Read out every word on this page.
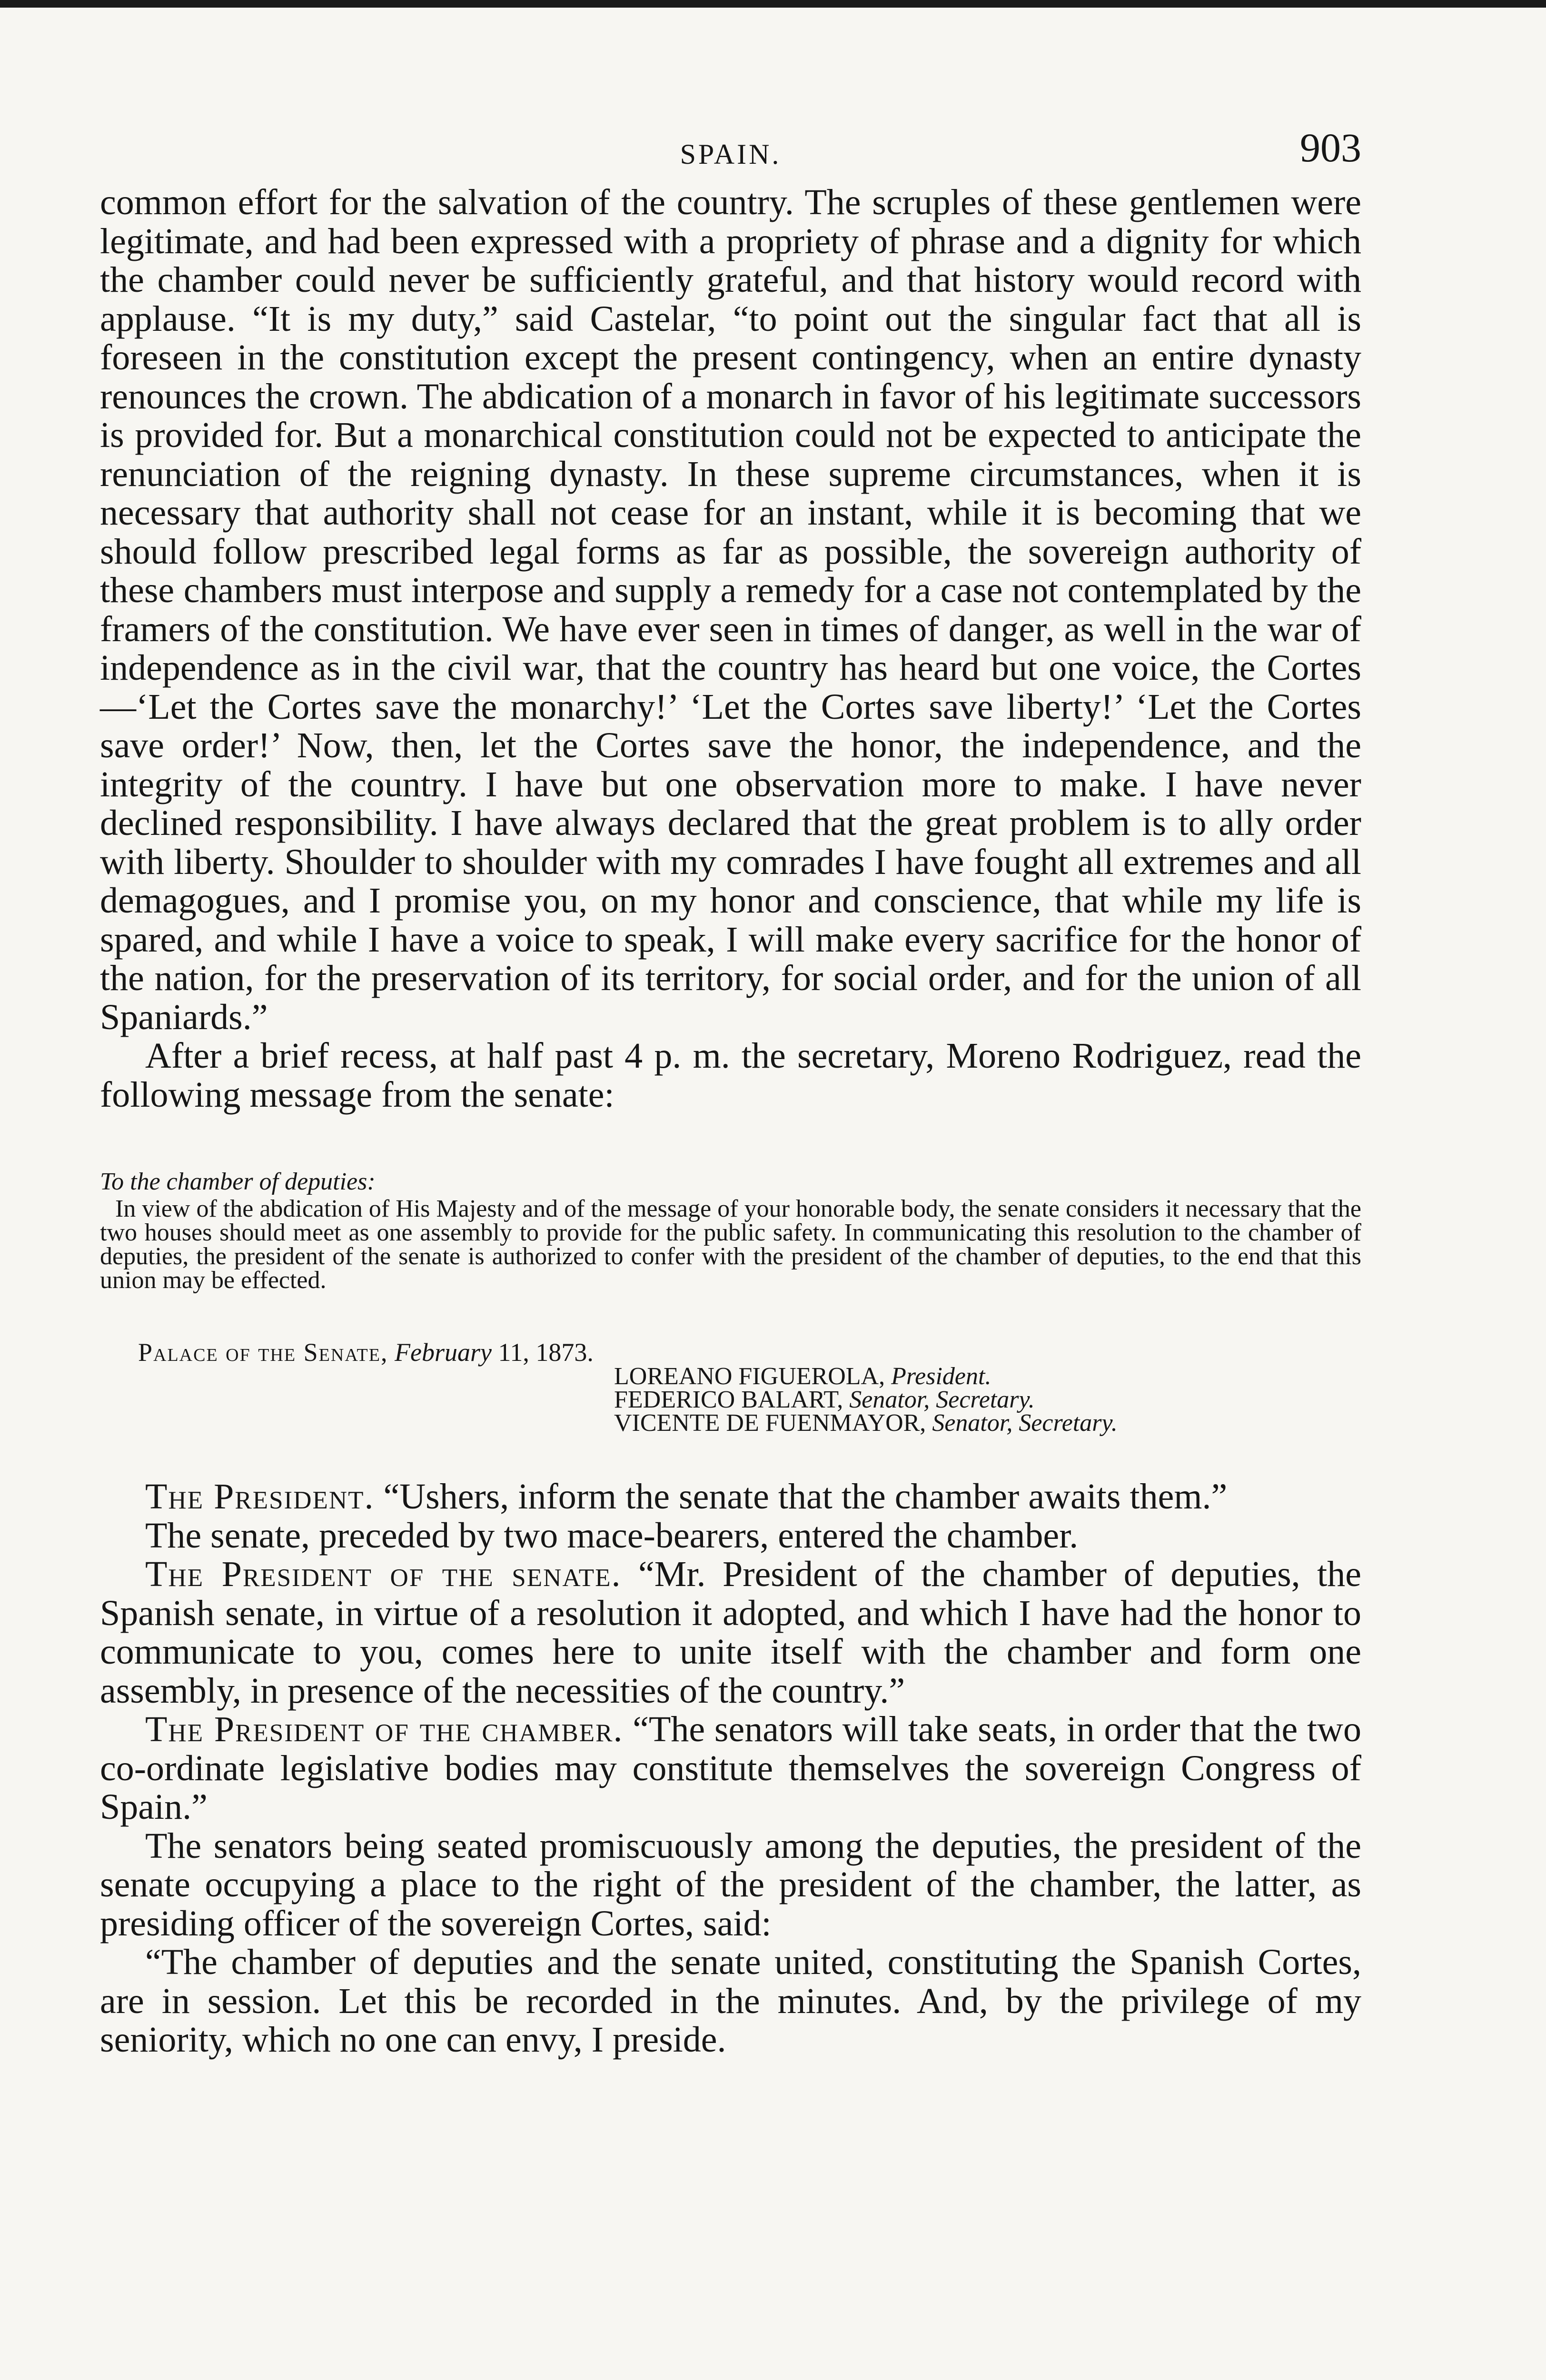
SPAIN.	903

common effort for the salvation of the country. The scruples of these gentlemen were legitimate, and had been expressed with a propriety of phrase and a dignity for which the chamber could never be sufficiently grateful, and that history would record with applause. “It is my duty,” said Castelar, “to point out the singular fact that all is foreseen in the constitution except the present contingency, when an entire dynasty renounces the crown. The abdication of a monarch in favor of his legitimate successors is provided for. But a monarchical constitution could not be expected to anticipate the renunciation of the reigning dynasty. In these supreme circumstances, when it is necessary that authority shall not cease for an instant, while it is becoming that we should follow prescribed legal forms as far as possible, the sovereign authority of these chambers must interpose and supply a remedy for a case not contemplated by the framers of the constitution. We have ever seen in times of danger, as well in the war of independence as in the civil war, that the country has heard but one voice, the Cortes—‘Let the Cortes save the monarchy!’ ‘Let the Cortes save liberty!’ ‘Let the Cortes save order!’ Now, then, let the Cortes save the honor, the independence, and the integrity of the country. I have but one observation more to make. I have never declined responsibility. I have always declared that the great problem is to ally order with liberty. Shoulder to shoulder with my comrades I have fought all extremes and all demagogues, and I promise you, on my honor and conscience, that while my life is spared, and while I have a voice to speak, I will make every sacrifice for the honor of the nation, for the preservation of its territory, for social order, and for the union of all Spaniards.”

After a brief recess, at half past 4 p. m. the secretary, Moreno Rodriguez, read the following message from the senate:

To the chamber of deputies:

In view of the abdication of His Majesty and of the message of your honorable body, the senate considers it necessary that the two houses should meet as one assembly to provide for the public safety. In communicating this resolution to the chamber of deputies, the president of the senate is authorized to confer with the president of the chamber of deputies, to the end that this union may be effected.

Palace of the Senate, February 11, 1873.
LOREANO FIGUEROLA, President.
FEDERICO BALART, Senator, Secretary.
VICENTE DE FUENMAYOR, Senator, Secretary.

The President. “Ushers, inform the senate that the chamber awaits them.”

The senate, preceded by two mace-bearers, entered the chamber.

The President of the senate. “Mr. President of the chamber of deputies, the Spanish senate, in virtue of a resolution it adopted, and which I have had the honor to communicate to you, comes here to unite itself with the chamber and form one assembly, in presence of the necessities of the country.”

The President of the chamber. “The senators will take seats, in order that the two co-ordinate legislative bodies may constitute themselves the sovereign Congress of Spain.”

The senators being seated promiscuously among the deputies, the president of the senate occupying a place to the right of the president of the chamber, the latter, as presiding officer of the sovereign Cortes, said:

“The chamber of deputies and the senate united, constituting the Spanish Cortes, are in session. Let this be recorded in the minutes. And, by the privilege of my seniority, which no one can envy, I preside.
